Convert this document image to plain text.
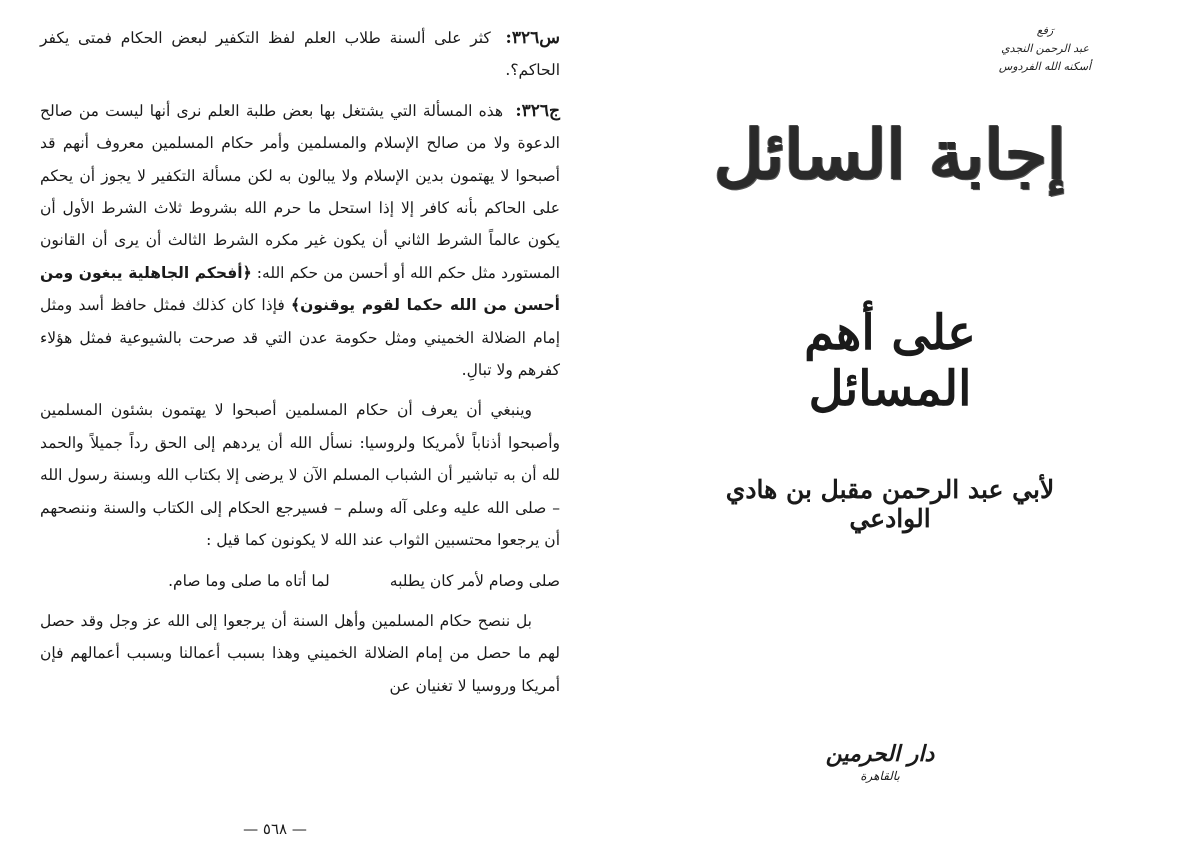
س٣٢٦: كثر على ألسنة طلاب العلم لفظ التكفير لبعض الحكام فمتى يكفر الحاكم؟.

ج٣٢٦: هذه المسألة التي يشتغل بها بعض طلبة العلم نرى أنها ليست من صالح الدعوة ولا من صالح الإسلام والمسلمين وأمر حكام المسلمين معروف أنهم قد أصبحوا لا يهتمون بدين الإسلام ولا يبالون به لكن مسألة التكفير لا يجوز أن يحكم على الحاكم بأنه كافر إلا إذا استحل ما حرم الله بشروط ثلاث الشرط الأول أن يكون عالماً الشرط الثاني أن يكون غير مكره الشرط الثالث أن يرى أن القانون المستورد مثل حكم الله أو أحسن من حكم الله: ﴿أفحكم الجاهلية يبغون ومن أحسن من الله حكما لقوم يوقنون﴾ فإذا كان كذلك فمثل حافظ أسد ومثل إمام الضلالة الخميني ومثل حكومة عدن التي قد صرحت بالشيوعية فمثل هؤلاء كفرهم ولا تبالِ.

وينبغي أن يعرف أن حكام المسلمين أصبحوا لا يهتمون بشئون المسلمين وأصبحوا أذناباً لأمريكا ولروسيا: نسأل الله أن يردهم إلى الحق رداً جميلاً والحمد لله أن به تباشير أن الشباب المسلم الآن لا يرضى إلا بكتاب الله وبسنة رسول الله – صلى الله عليه وعلى آله وسلم – فسيرجع الحكام إلى الكتاب والسنة وننصحهم أن يرجعوا محتسبين الثواب عند الله لا يكونون كما قيل :

صلى وصام لأمر كان يطلبه
لما أتاه ما صلى وما صام.

بل ننصح حكام المسلمين وأهل السنة أن يرجعوا إلى الله عز وجل وقد حصل لهم ما حصل من إمام الضلالة الخميني وهذا بسبب أعمالنا وبسبب أعمالهم فإن أمريكا وروسيا لا تغنيان عن

— ٥٦٨ —
رَفع
عبد الرحمن النجدي
أسكنه الله الفردوس
إجابة السائل
على أهم المسائل
لأبي عبد الرحمن مقبل بن هادي الوادعي
دار الحرمين
بالقاهرة
